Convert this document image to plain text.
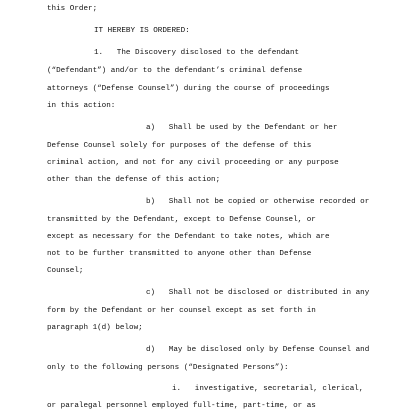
this Order;

IT HEREBY IS ORDERED:

1.   The Discovery disclosed to the defendant

(“Defendant”) and/or to the defendant’s criminal defense

attorneys (“Defense Counsel”) during the course of proceedings

in this action:

a)   Shall be used by the Defendant or her

Defense Counsel solely for purposes of the defense of this

criminal action, and not for any civil proceeding or any purpose

other than the defense of this action;

b)   Shall not be copied or otherwise recorded or

transmitted by the Defendant, except to Defense Counsel, or

except as necessary for the Defendant to take notes, which are

not to be further transmitted to anyone other than Defense

Counsel;

c)   Shall not be disclosed or distributed in any

form by the Defendant or her counsel except as set forth in

paragraph 1(d) below;

d)   May be disclosed only by Defense Counsel and

only to the following persons (“Designated Persons”):

i.   investigative, secretarial, clerical,

or paralegal personnel employed full-time, part-time, or as
